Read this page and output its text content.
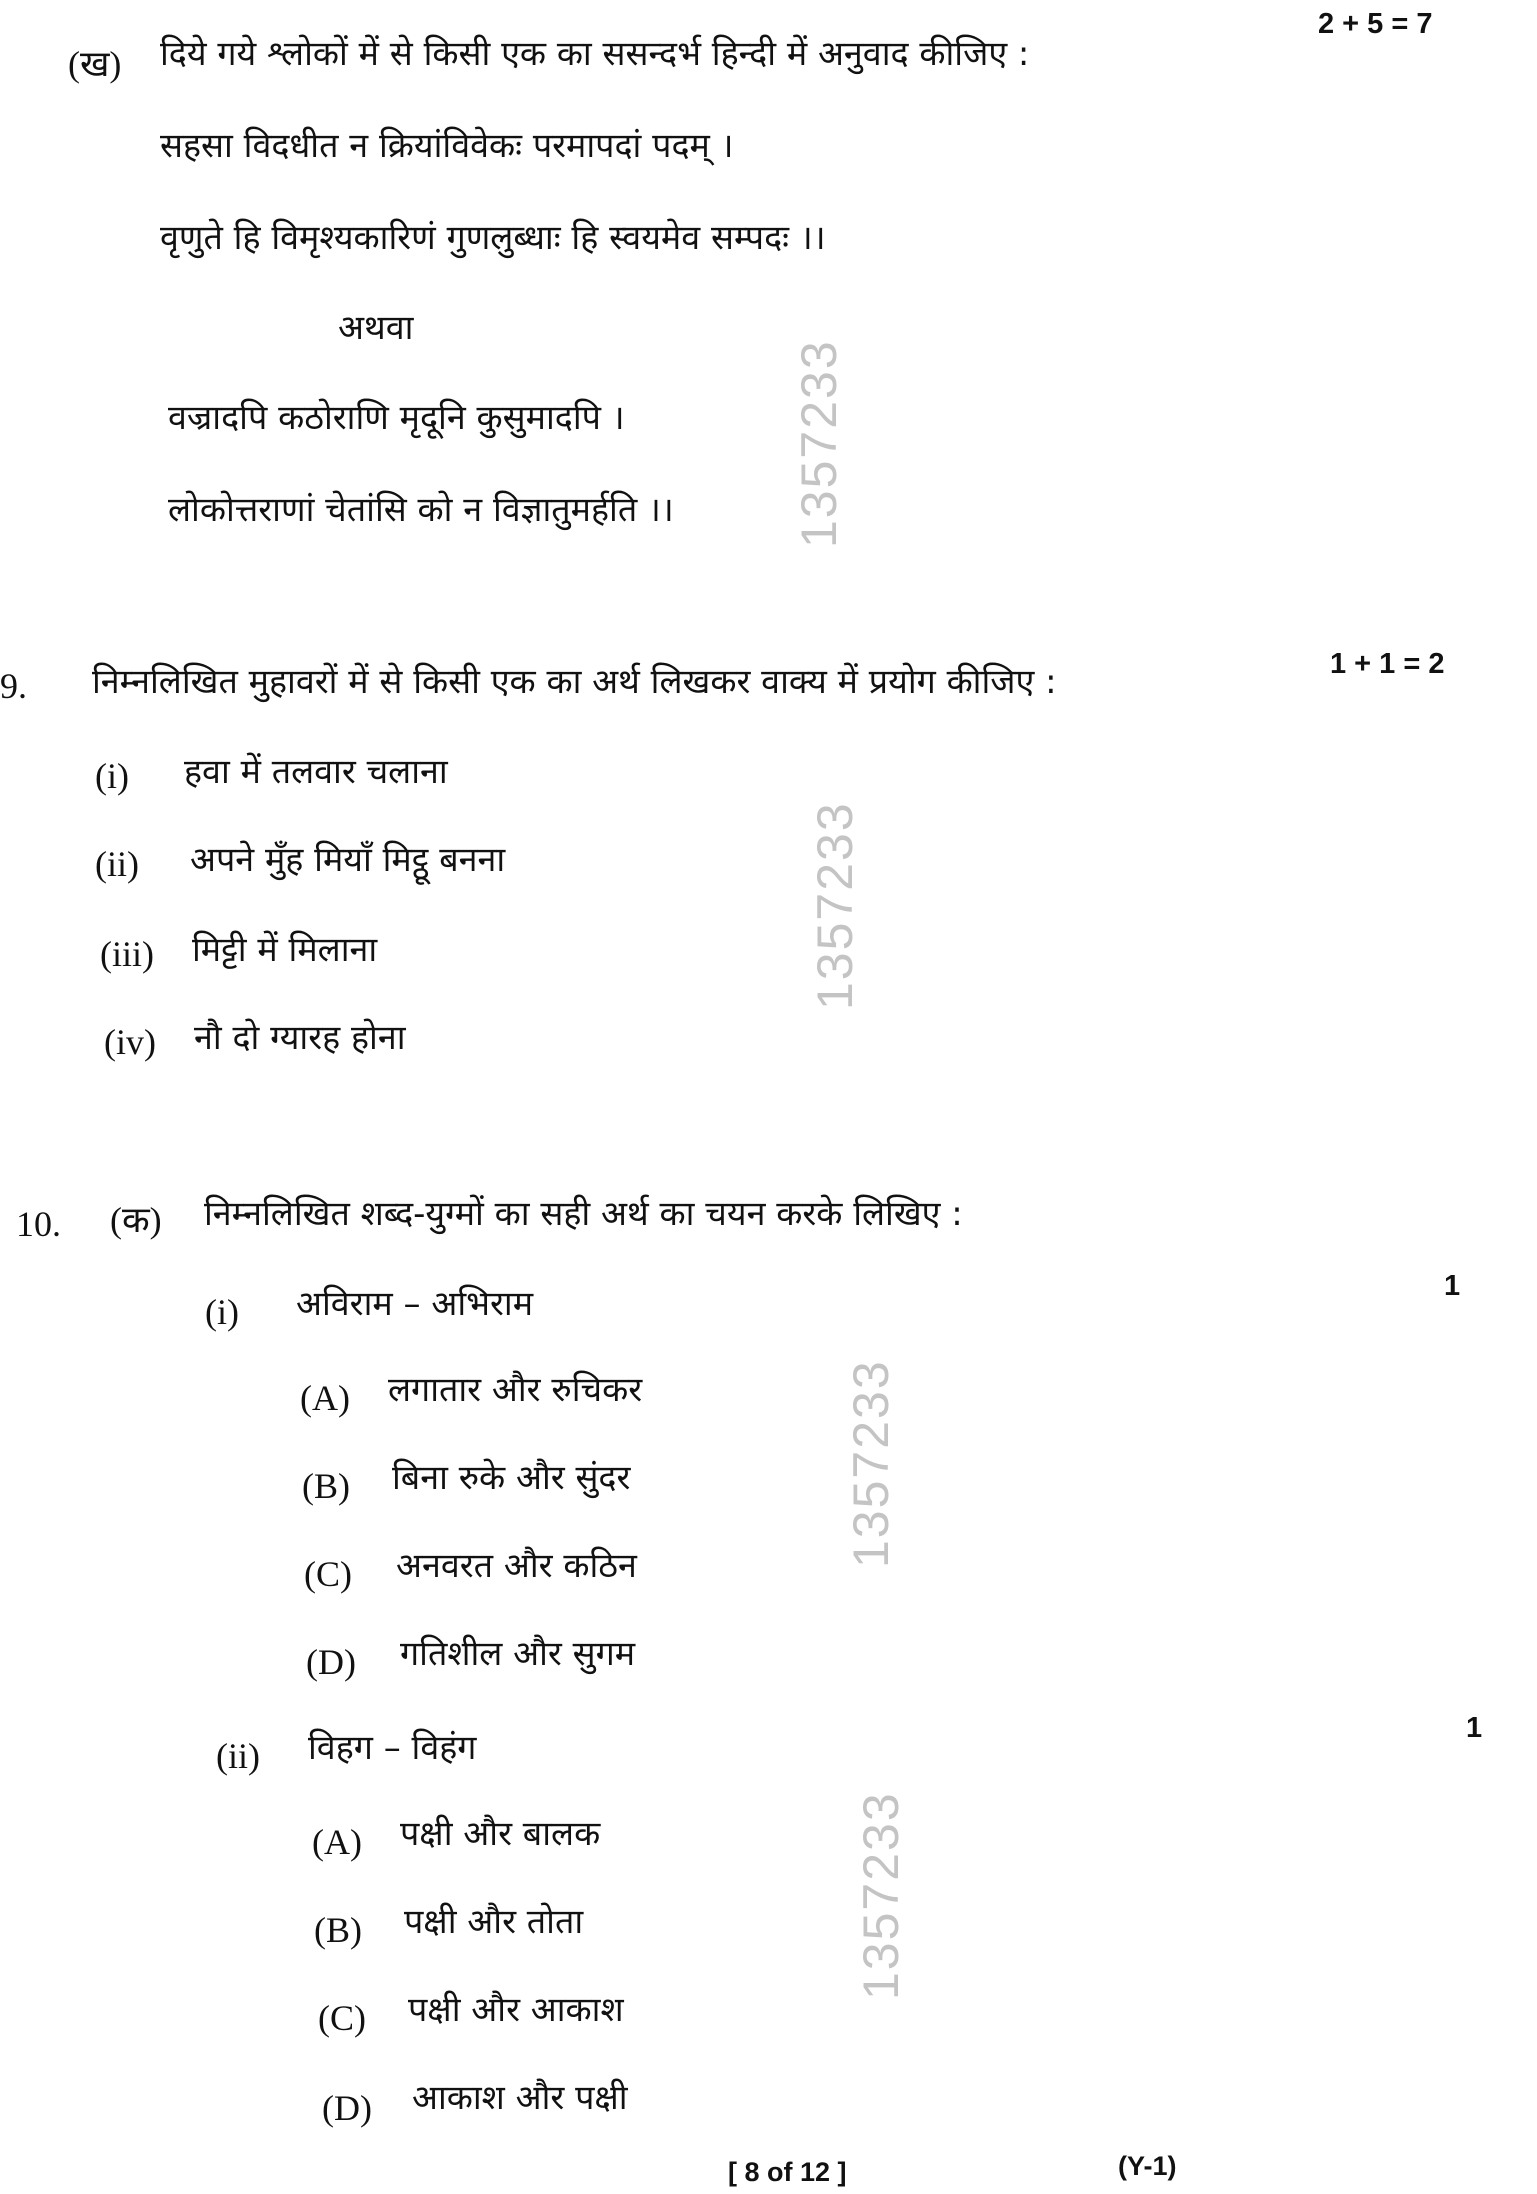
(ख) दिये गये श्लोकों में से किसी एक का ससन्दर्भ हिन्दी में अनुवाद कीजिए :
2 + 5 = 7
सहसा विदधीत न क्रियांविवेकः परमापदां पदम् ।
वृणुते हि विमृश्यकारिणं गुणलुब्धाः हि स्वयमेव सम्पदः ।।
अथवा
वज्रादपि कठोराणि मृदूनि कुसुमादपि ।
लोकोत्तराणां चेतांसि को न विज्ञातुमर्हति ।।
9. निम्नलिखित मुहावरों में से किसी एक का अर्थ लिखकर वाक्य में प्रयोग कीजिए :	1 + 1 = 2
(i) हवा में तलवार चलाना
(ii) अपने मुँह मियाँ मिट्ठू बनना
(iii) मिट्टी में मिलाना
(iv) नौ दो ग्यारह होना
10. (क) निम्नलिखित शब्द-युग्मों का सही अर्थ का चयन करके लिखिए :
(i) अविराम – अभिराम	1
(A) लगातार और रुचिकर
(B) बिना रुके और सुंदर
(C) अनवरत और कठिन
(D) गतिशील और सुगम
(ii) विहग – विहंग	1
(A) पक्षी और बालक
(B) पक्षी और तोता
(C) पक्षी और आकाश
(D) आकाश और पक्षी
1357233
1357233
1357233
1357233
[ 8 of 12 ]	(Y-1)
